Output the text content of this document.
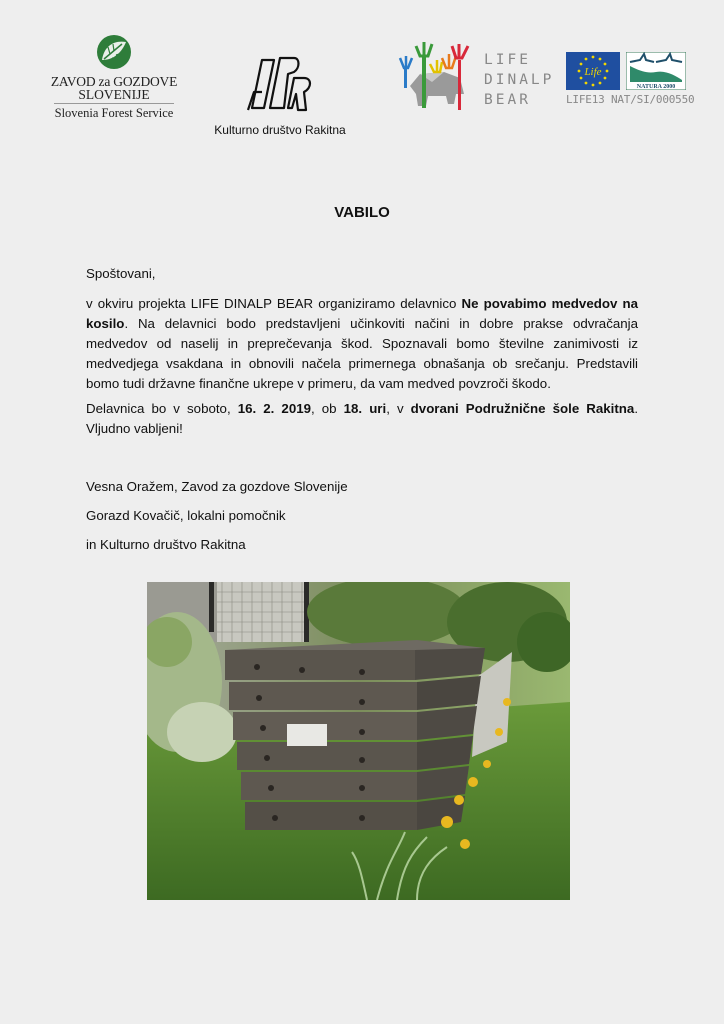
ZAVOD za GOZDOVE
SLOVENIJE
Slovenia Forest Service
Kulturno društvo Rakitna
LIFE
DINALP
BEAR
Life
NATURA 2000
LIFE13 NAT/SI/000550
VABILO
Spoštovani,
v okviru projekta LIFE DINALP BEAR organiziramo delavnico Ne povabimo medvedov na kosilo. Na delavnici bodo predstavljeni učinkoviti načini in dobre prakse odvračanja medvedov od naselij in preprečevanja škod. Spoznavali bomo številne zanimivosti iz medvedjega vsakdana in obnovili načela primernega obnašanja ob srečanju. Predstavili bomo tudi državne finančne ukrepe v primeru, da vam medved povzroči škodo.
Delavnica bo v soboto, 16. 2. 2019, ob 18. uri, v dvorani Podružnične šole Rakitna. Vljudno vabljeni!
Vesna Oražem, Zavod za gozdove Slovenije
Gorazd Kovačič, lokalni pomočnik
in Kulturno društvo Rakitna
